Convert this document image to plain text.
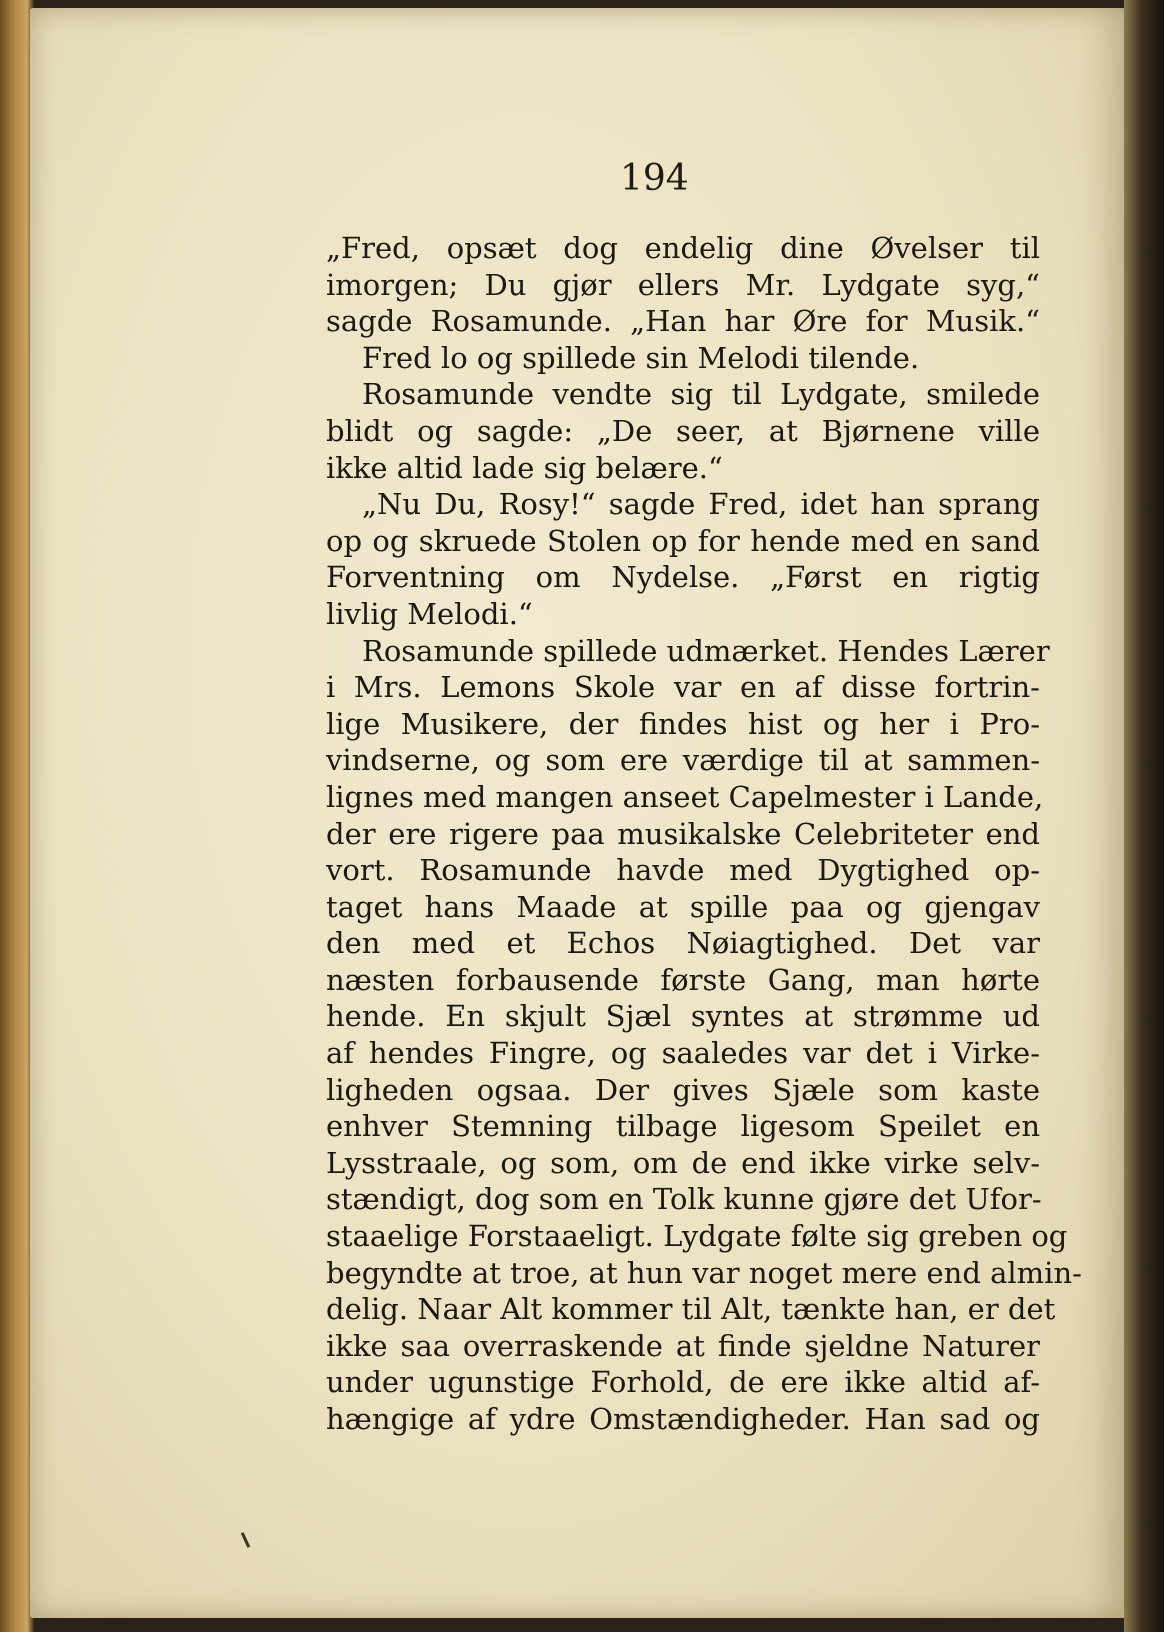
194
„Fred, opsæt dog endelig dine Øvelser til
imorgen; Du gjør ellers Mr. Lydgate syg,“
sagde Rosamunde. „Han har Øre for Musik.“
Fred lo og spillede sin Melodi tilende.
Rosamunde vendte sig til Lydgate, smilede
blidt og sagde: „De seer, at Bjørnene ville
ikke altid lade sig belære.“
„Nu Du, Rosy!“ sagde Fred, idet han sprang
op og skruede Stolen op for hende med en sand
Forventning om Nydelse. „Først en rigtig
livlig Melodi.“
Rosamunde spillede udmærket. Hendes Lærer
i Mrs. Lemons Skole var en af disse fortrin-
lige Musikere, der findes hist og her i Pro-
vindserne, og som ere værdige til at sammen-
lignes med mangen anseet Capelmester i Lande,
der ere rigere paa musikalske Celebriteter end
vort. Rosamunde havde med Dygtighed op-
taget hans Maade at spille paa og gjengav
den med et Echos Nøiagtighed. Det var
næsten forbausende første Gang, man hørte
hende. En skjult Sjæl syntes at strømme ud
af hendes Fingre, og saaledes var det i Virke-
ligheden ogsaa. Der gives Sjæle som kaste
enhver Stemning tilbage ligesom Speilet en
Lysstraale, og som, om de end ikke virke selv-
stændigt, dog som en Tolk kunne gjøre det Ufor-
staaelige Forstaaeligt. Lydgate følte sig greben og
begyndte at troe, at hun var noget mere end almin-
delig. Naar Alt kommer til Alt, tænkte han, er det
ikke saa overraskende at finde sjeldne Naturer
under ugunstige Forhold, de ere ikke altid af-
hængige af ydre Omstændigheder. Han sad og
